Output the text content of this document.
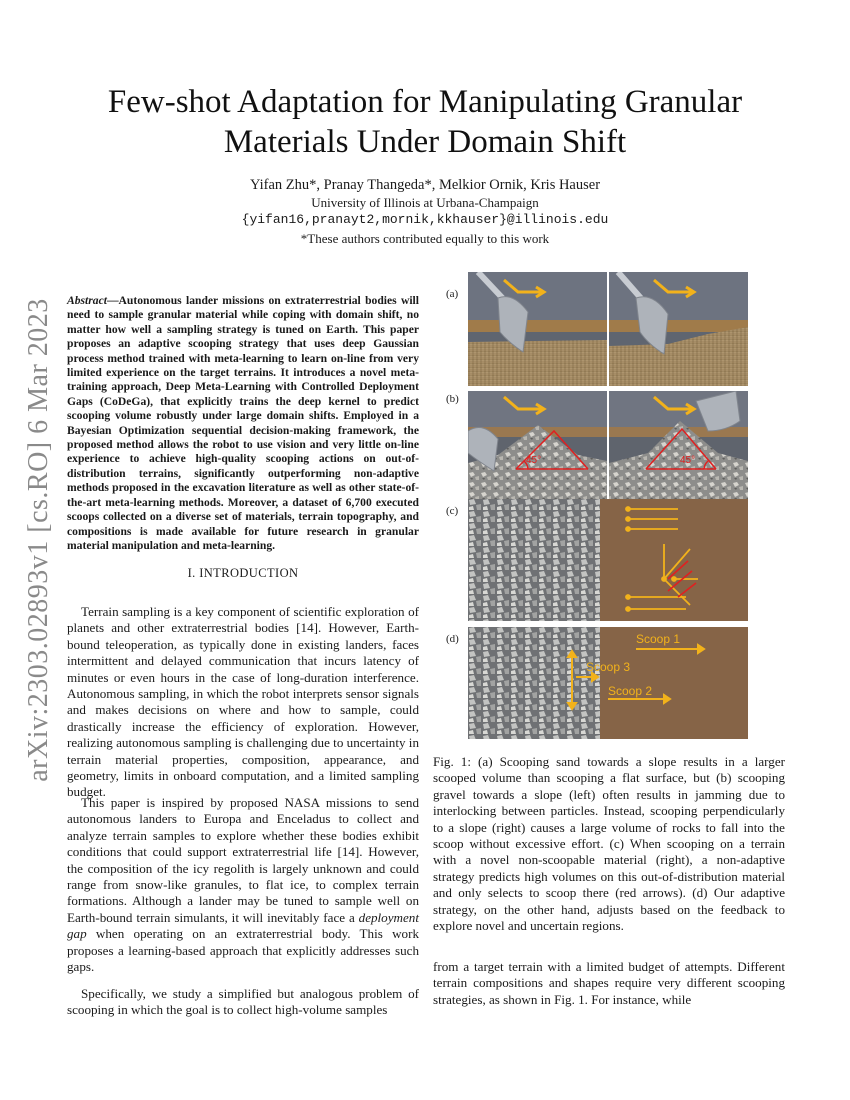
arXiv:2303.02893v1 [cs.RO] 6 Mar 2023
Few-shot Adaptation for Manipulating Granular Materials Under Domain Shift
Yifan Zhu*, Pranay Thangeda*, Melkior Ornik, Kris Hauser
University of Illinois at Urbana-Champaign
{yifan16,pranayt2,mornik,kkhauser}@illinois.edu
*These authors contributed equally to this work
Abstract—Autonomous lander missions on extraterrestrial bodies will need to sample granular material while coping with domain shift, no matter how well a sampling strategy is tuned on Earth. This paper proposes an adaptive scooping strategy that uses deep Gaussian process method trained with meta-learning to learn on-line from very limited experience on the target terrains. It introduces a novel meta-training approach, Deep Meta-Learning with Controlled Deployment Gaps (CoDeGa), that explicitly trains the deep kernel to predict scooping volume robustly under large domain shifts. Employed in a Bayesian Optimization sequential decision-making framework, the proposed method allows the robot to use vision and very little on-line experience to achieve high-quality scooping actions on out-of-distribution terrains, significantly outperforming non-adaptive methods proposed in the excavation literature as well as other state-of-the-art meta-learning methods. Moreover, a dataset of 6,700 executed scoops collected on a diverse set of materials, terrain topography, and compositions is made available for future research in granular material manipulation and meta-learning.
I. INTRODUCTION

Terrain sampling is a key component of scientific exploration of planets and other extraterrestrial bodies [14]. However, Earth-bound teleoperation, as typically done in existing landers, faces intermittent and delayed communication that incurs latency of minutes or even hours in the case of long-duration interference. Autonomous sampling, in which the robot interprets sensor signals and makes decisions on where and how to sample, could drastically increase the efficiency of exploration. However, realizing autonomous sampling is challenging due to uncertainty in terrain material properties, composition, appearance, and geometry, limits in onboard computation, and a limited sampling budget.

This paper is inspired by proposed NASA missions to send autonomous landers to Europa and Enceladus to collect and analyze terrain samples to explore whether these bodies exhibit conditions that could support extraterrestrial life [14]. However, the composition of the icy regolith is largely unknown and could range from snow-like granules, to flat ice, to complex terrain formations. Although a lander may be tuned to sample well on Earth-bound terrain simulants, it will inevitably face a deployment gap when operating on an extraterrestrial body. This work proposes a learning-based approach that explicitly addresses such gaps.

Specifically, we study a simplified but analogous problem of scooping in which the goal is to collect high-volume samples

(a)
(b)
(c)
(d)
45°	45°
Scoop 1
Scoop 3
Scoop 2
Fig. 1: (a) Scooping sand towards a slope results in a larger scooped volume than scooping a flat surface, but (b) scooping gravel towards a slope (left) often results in jamming due to interlocking between particles. Instead, scooping perpendicularly to a slope (right) causes a large volume of rocks to fall into the scoop without excessive effort. (c) When scooping on a terrain with a novel non-scoopable material (right), a non-adaptive strategy predicts high volumes on this out-of-distribution material and only selects to scoop there (red arrows). (d) Our adaptive strategy, on the other hand, adjusts based on the feedback to explore novel and uncertain regions.
from a target terrain with a limited budget of attempts. Different terrain compositions and shapes require very different scooping strategies, as shown in Fig. 1. For instance, while
